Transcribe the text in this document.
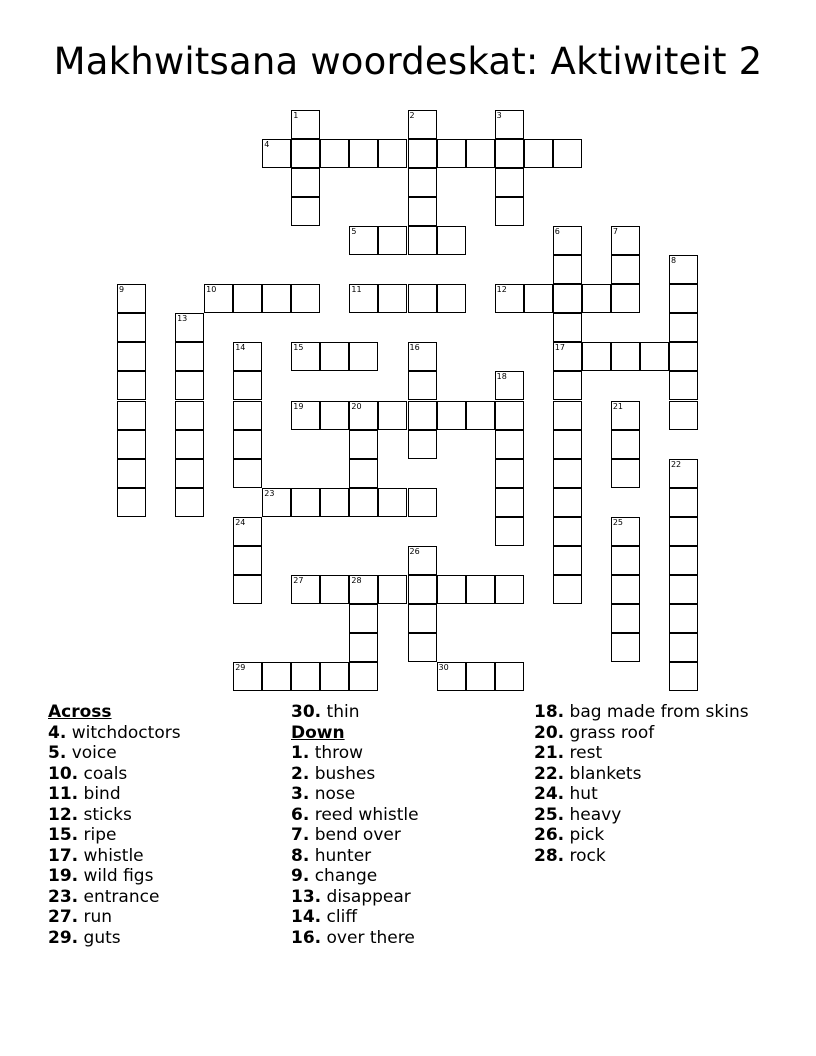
Makhwitsana woordeskat: Aktiwiteit 2
1	2	3
4
5	6
17
7
8
9	10	11	12
13
14	15	16
18
19	20	21
22
23
24	25
26
27	28
29	30
Across
4. witchdoctors
5. voice
10. coals
11. bind
12. sticks
15. ripe
17. whistle
19. wild figs
23. entrance
27. run
29. guts
30. thin
Down
1. throw
2. bushes
3. nose
6. reed whistle
7. bend over
8. hunter
9. change
13. disappear
14. cliff
16. over there
18. bag made from skins
20. grass roof
21. rest
22. blankets
24. hut
25. heavy
26. pick
28. rock
